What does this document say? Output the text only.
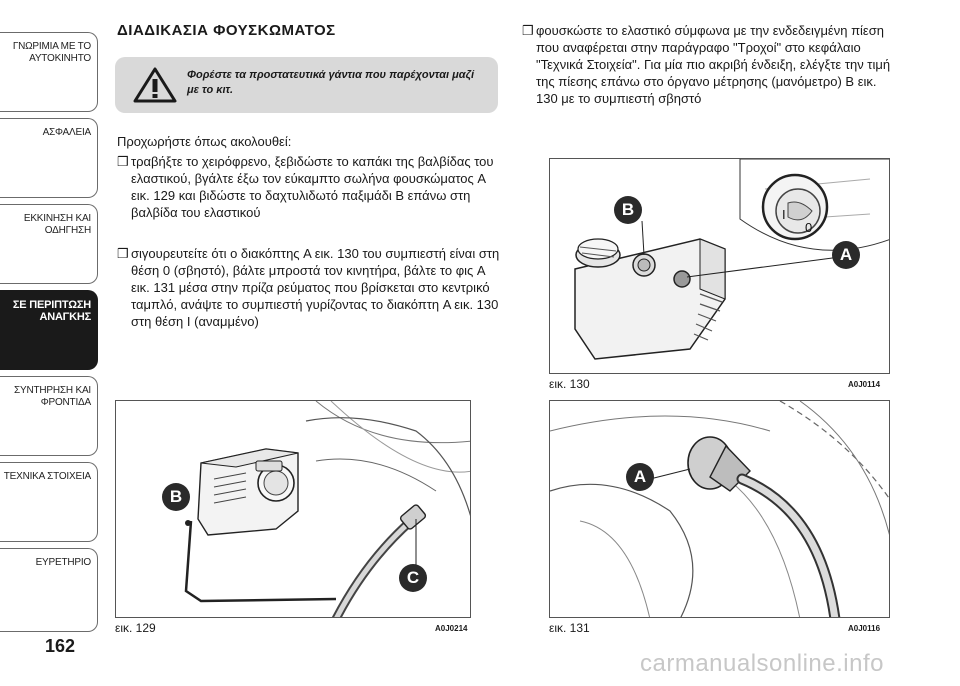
ΓΝΩΡΙΜΙΑ ΜΕ ΤΟ
ΑΥΤΟΚΙΝΗΤΟ
ΑΣΦΑΛΕΙΑ
ΕΚΚΙΝΗΣΗ ΚΑΙ
ΟΔΗΓΗΣΗ
ΣΕ ΠΕΡΙΠΤΩΣΗ
ΑΝΑΓΚΗΣ
ΣΥΝΤΗΡΗΣΗ ΚΑΙ
ΦΡΟΝΤΙΔΑ
ΤΕΧΝΙΚΑ ΣΤΟΙΧΕΙΑ
ΕΥΡΕΤΗΡΙΟ
162
ΔΙΑΔΙΚΑΣΙΑ ΦΟΥΣΚΩΜΑΤΟΣ
Φορέστε τα προστατευτικά γάντια που παρέχονται μαζί με το κιτ.
Προχωρήστε όπως ακολουθεί:
❒ τραβήξτε το χειρόφρενο, ξεβιδώστε το καπάκι της βαλβίδας του ελαστικού, βγάλτε έξω τον εύκαμπτο σωλήνα φουσκώματος A εικ. 129 και βιδώστε το δαχτυλιδωτό παξιμάδι B επάνω στη βαλβίδα του ελαστικού
❒ σιγουρευτείτε ότι ο διακόπτης A εικ. 130 του συμπιεστή είναι στη θέση 0 (σβηστό), βάλτε μπροστά τον κινητήρα, βάλτε το φις A εικ. 131 μέσα στην πρίζα ρεύματος που βρίσκεται στο κεντρικό ταμπλό, ανάψτε το συμπιεστή γυρίζοντας το διακόπτη A εικ. 130 στη θέση I (αναμμένο)
❒ φουσκώστε το ελαστικό σύμφωνα με την ενδεδειγμένη πίεση που αναφέρεται στην παράγραφο "Τροχοί" στο κεφάλαιο "Τεχνικά Στοιχεία". Για μία πιο ακριβή ένδειξη, ελέγξτε την τιμή της πίεσης επάνω στο όργανο μέτρησης (μανόμετρο) B εικ. 130 με το συμπιεστή σβηστό
I
0
B
A
εικ. 130	A0J0114
B
C
εικ. 129	A0J0214
A
εικ. 131	A0J0116
carmanualsonline.info
